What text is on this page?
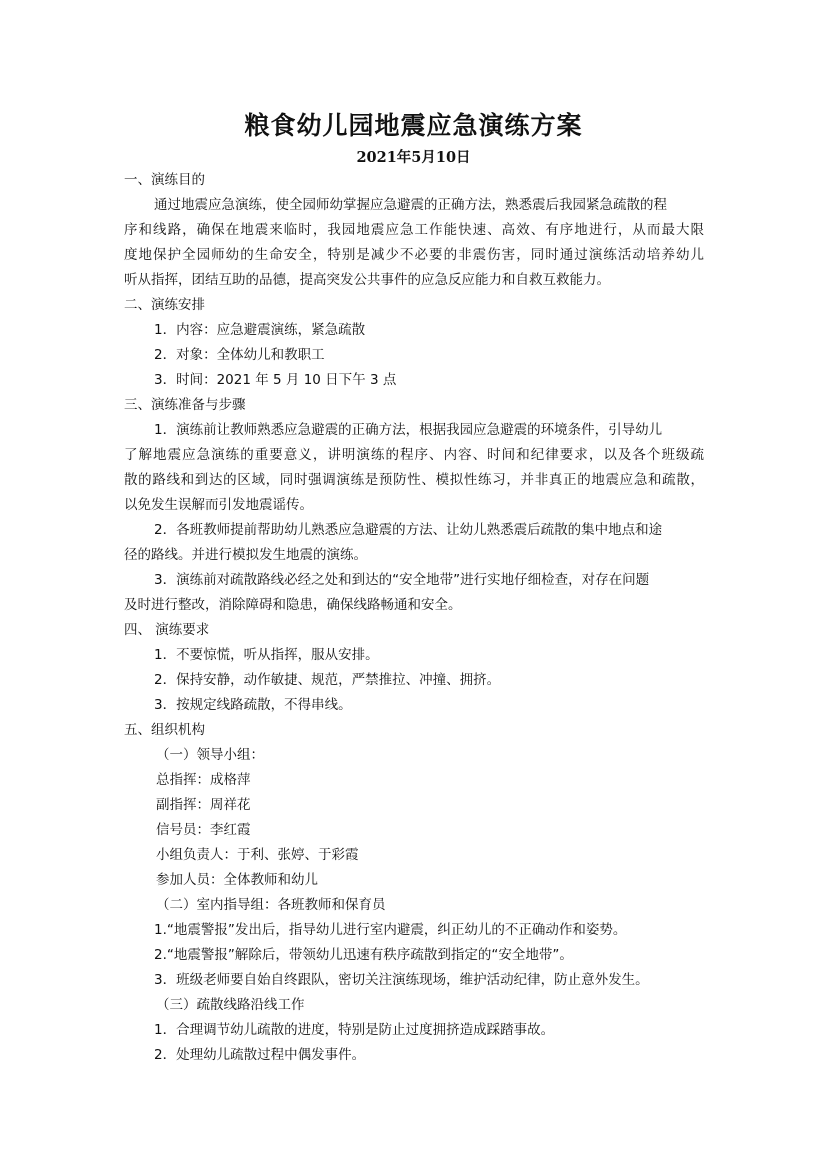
粮食幼儿园地震应急演练方案
2021年5月10日
一、演练目的
通过地震应急演练，使全园师幼掌握应急避震的正确方法，熟悉震后我园紧急疏散的程
序和线路，确保在地震来临时，我园地震应急工作能快速、高效、有序地进行，从而最大限
度地保护全园师幼的生命安全，特别是减少不必要的非震伤害，同时通过演练活动培养幼儿
听从指挥，团结互助的品德，提高突发公共事件的应急反应能力和自救互救能力。
二、演练安排
1．内容：应急避震演练，紧急疏散
2．对象：全体幼儿和教职工
3．时间：2021 年 5 月 10 日下午 3 点
三、演练准备与步骤
1．演练前让教师熟悉应急避震的正确方法，根据我园应急避震的环境条件，引导幼儿
了解地震应急演练的重要意义，讲明演练的程序、内容、时间和纪律要求，以及各个班级疏
散的路线和到达的区域，同时强调演练是预防性、模拟性练习，并非真正的地震应急和疏散，
以免发生误解而引发地震谣传。
2．各班教师提前帮助幼儿熟悉应急避震的方法、让幼儿熟悉震后疏散的集中地点和途
径的路线。并进行模拟发生地震的演练。
3．演练前对疏散路线必经之处和到达的“安全地带”进行实地仔细检查，对存在问题
及时进行整改，消除障碍和隐患，确保线路畅通和安全。
四、 演练要求
1．不要惊慌，听从指挥，服从安排。
2．保持安静，动作敏捷、规范，严禁推拉、冲撞、拥挤。
3．按规定线路疏散，不得串线。
五、组织机构
（一）领导小组：
总指挥：成格萍
副指挥：周祥花
信号员：李红霞
小组负责人：于利、张婷、于彩霞
参加人员：全体教师和幼儿
（二）室内指导组：各班教师和保育员
1.“地震警报”发出后，指导幼儿进行室内避震，纠正幼儿的不正确动作和姿势。
2.“地震警报”解除后，带领幼儿迅速有秩序疏散到指定的“安全地带”。
3．班级老师要自始自终跟队，密切关注演练现场，维护活动纪律，防止意外发生。
（三）疏散线路沿线工作
1．合理调节幼儿疏散的进度，特别是防止过度拥挤造成踩踏事故。
2．处理幼儿疏散过程中偶发事件。
